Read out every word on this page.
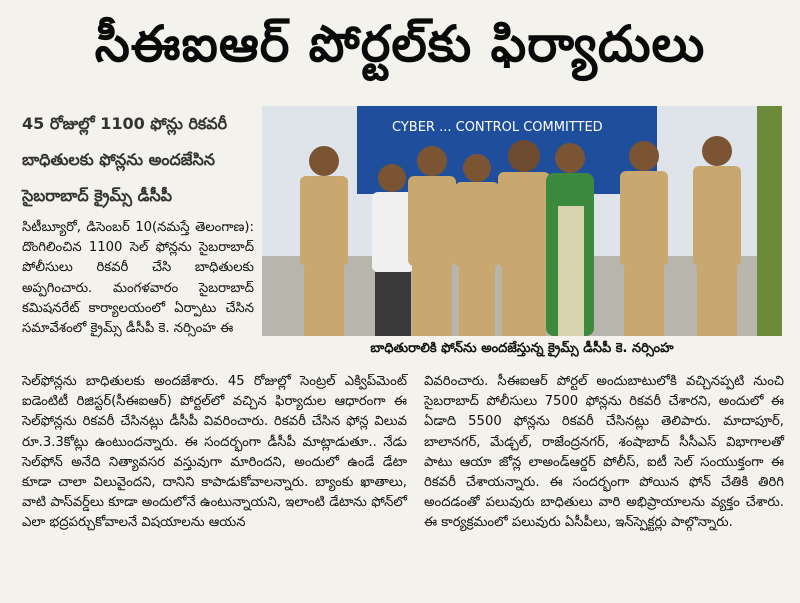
సీఈఐఆర్ పోర్టల్‌కు ఫిర్యాదులు
45 రోజుల్లో 1100 ఫోన్లు రికవరీ
బాధితులకు ఫోన్లను అందజేసిన
సైబరాబాద్ క్రైమ్స్ డీసీపీ
సిటీబ్యూరో, డిసెంబర్ 10(నమస్తే తెలంగాణ): దొంగిలించిన 1100 సెల్ ఫోన్లను సైబరాబాద్ పోలీసులు రికవరీ చేసి బాధితులకు అప్పగించారు. మంగళవారం సైబరాబాద్ కమిషనరేట్ కార్యాలయంలో ఏర్పాటు చేసిన సమావేశంలో క్రైమ్స్ డీసీపీ కె. నర్సింహ ఈ
సెల్‌ఫోన్లను బాధితులకు అందజేశారు. 45 రోజుల్లో సెంట్రల్ ఎక్విప్‌మెంట్ ఐడెంటిటీ రిజిస్టర్(సీఈఐఆర్) పోర్టల్‌లో వచ్చిన ఫిర్యాదుల ఆధారంగా ఈ సెల్‌ఫోన్లను రికవరీ చేసినట్లు డీసీపీ వివరించారు. రికవరీ చేసిన ఫోన్ల విలువ రూ.3.3కోట్లు ఉంటుందన్నారు. ఈ సందర్భంగా డీసీపీ మాట్లాడుతూ.. నేడు సెల్‌ఫోన్ అనేది నిత్యావసర వస్తువుగా మారిందని, అందులో ఉండే డేటా కూడా చాలా విలువైందని, దానిని కాపాడుకోవాలన్నారు. బ్యాంకు ఖాతాలు, వాటి పాస్‌వర్డ్‌లు కూడా అందులోనే ఉంటున్నాయని, ఇలాంటి డేటాను ఫోన్‌లో ఎలా భద్రపర్చుకోవాలనే విషయాలను ఆయన
వివరించారు. సీఈఐఆర్ పోర్టల్ అందుబాటులోకి వచ్చినప్పటి నుంచి సైబరాబాద్ పోలీసులు 7500 ఫోన్లను రికవరీ చేశారని, అందులో ఈ ఏడాది 5500 ఫోన్లను రికవరీ చేసినట్లు తెలిపారు. మాదాపూర్, బాలానగర్, మేడ్చల్, రాజేంద్రనగర్, శంషాబాద్ సీసీఎస్ విభాగాలతో పాటు ఆయా జోన్ల లాఅండ్‌ఆర్డర్ పోలీస్, ఐటీ సెల్ సంయుక్తంగా ఈ రికవరీ చేశాయన్నారు. ఈ సందర్భంగా పోయిన ఫోన్ చేతికి తిరిగి అందడంతో పలువురు బాధితులు వారి అభిప్రాయాలను వ్యక్తం చేశారు. ఈ కార్యక్రమంలో పలువురు ఏసీపీలు, ఇన్‌స్పెక్టర్లు పాల్గొన్నారు.
CYBER ... CONTROL COMMITTED
బాధితురాలికి ఫోన్‌ను అందజేస్తున్న క్రైమ్స్ డీసీపీ కె. నర్సింహ
